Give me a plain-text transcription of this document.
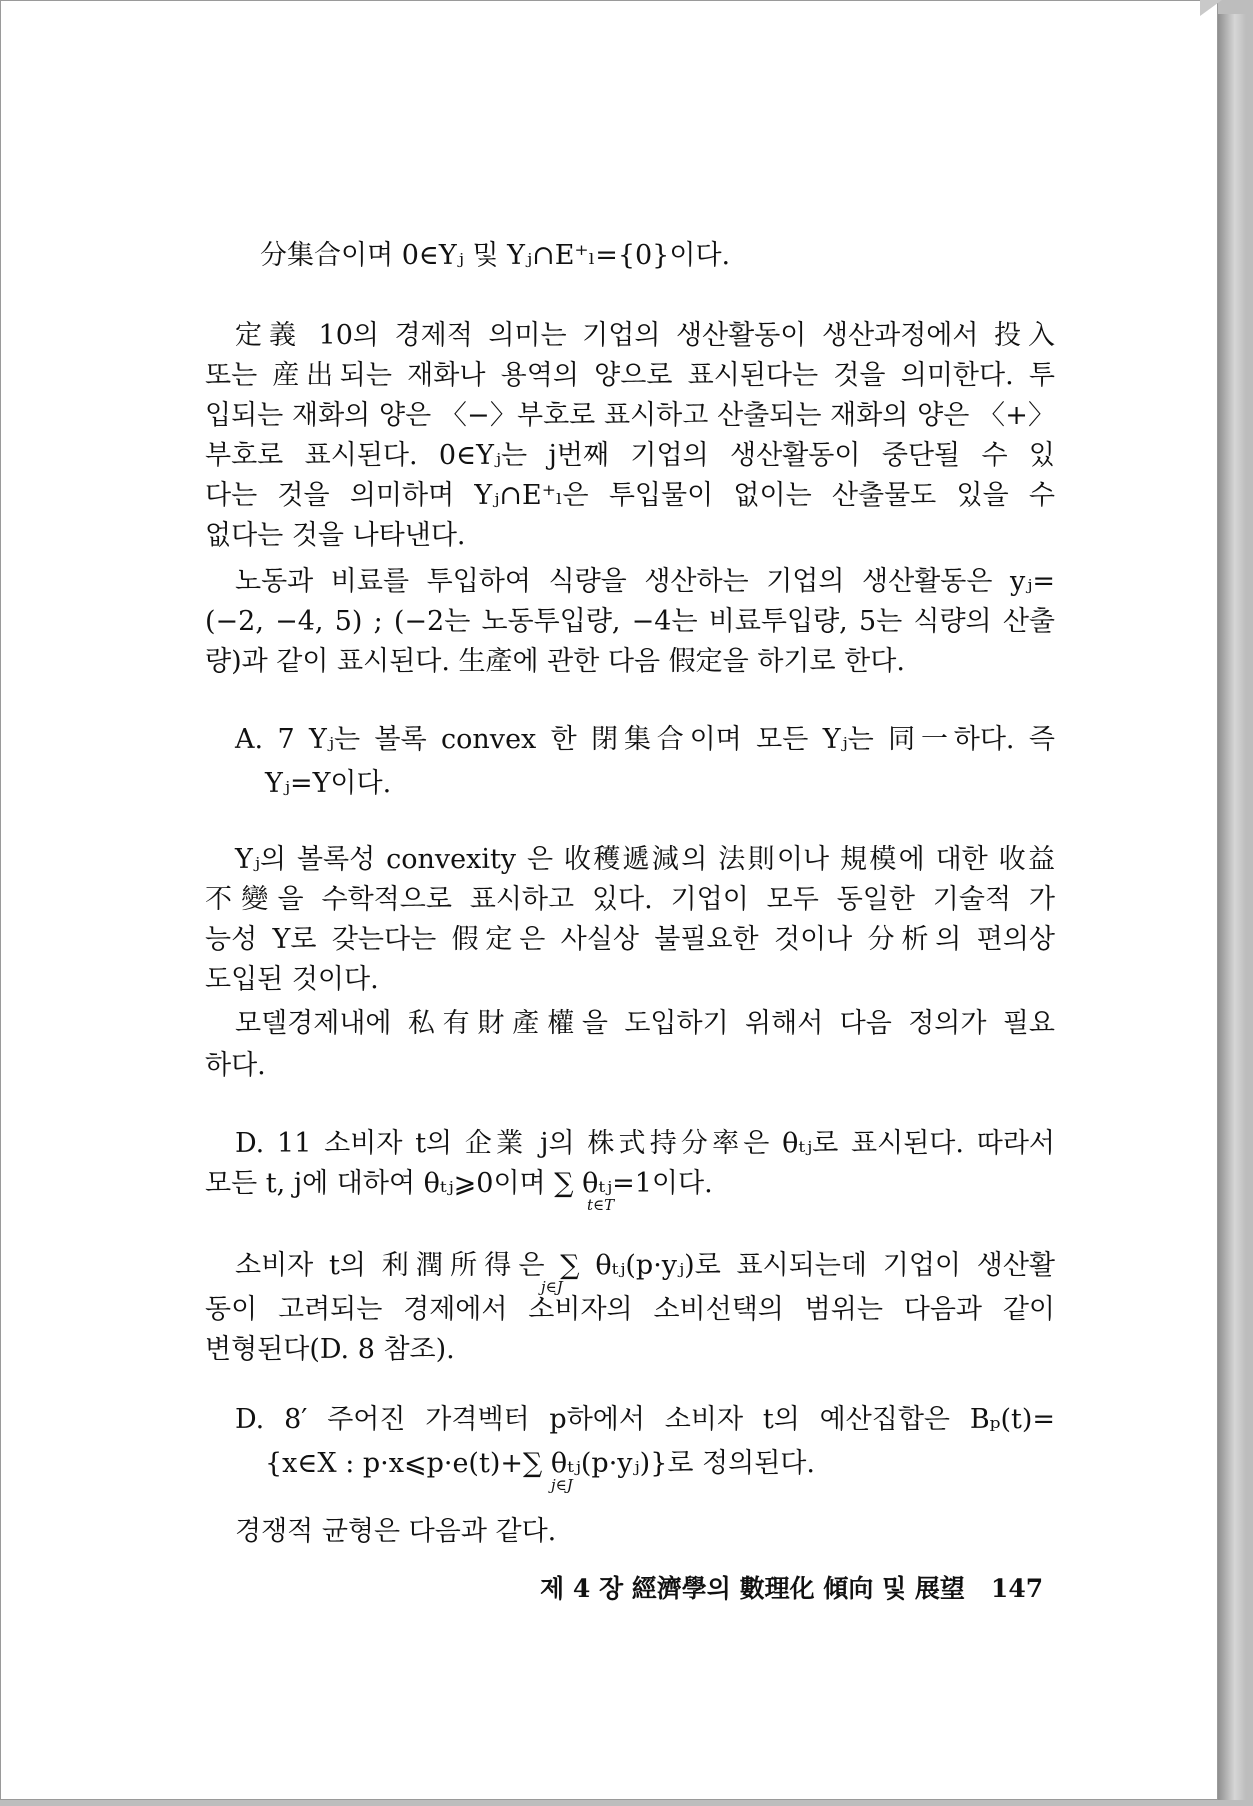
分集合이며 0∈Yⱼ 및 Yⱼ∩E⁺ₗ={0}이다.
定義 10의 경제적 의미는 기업의 생산활동이 생산과정에서 投入
또는 産出되는 재화나 용역의 양으로 표시된다는 것을 의미한다. 투
입되는 재화의 양은 〈−〉부호로 표시하고 산출되는 재화의 양은 〈+〉
부호로 표시된다. 0∈Yⱼ는 j번째 기업의 생산활동이 중단될 수 있
다는 것을 의미하며 Yⱼ∩E⁺ₗ은 투입물이 없이는 산출물도 있을 수
없다는 것을 나타낸다.
노동과 비료를 투입하여 식량을 생산하는 기업의 생산활동은 yⱼ=
(−2, −4, 5) ; (−2는 노동투입량, −4는 비료투입량, 5는 식량의 산출
량)과 같이 표시된다. 生產에 관한 다음 假定을 하기로 한다.
A. 7 Yⱼ는 볼록 convex 한 閉集合이며 모든 Yⱼ는 同一하다. 즉
Yⱼ=Y이다.
Yⱼ의 볼록성 convexity 은 收穫遞減의 法則이나 規模에 대한 收益
不變을 수학적으로 표시하고 있다. 기업이 모두 동일한 기술적 가
능성 Y로 갖는다는 假定은 사실상 불필요한 것이나 分析의 편의상
도입된 것이다.
모델경제내에 私有財產權을 도입하기 위해서 다음 정의가 필요
하다.
D. 11 소비자 t의 企業 j의 株式持分率은 θₜⱼ로 표시된다. 따라서
모든 t, j에 대하여 θₜⱼ⩾0이며 ∑ θₜⱼ=1이다.
t∈T
소비자 t의 利潤所得은 ∑ θₜⱼ(p·yⱼ)로 표시되는데 기업이 생산활
j∈J
동이 고려되는 경제에서 소비자의 소비선택의 범위는 다음과 같이
변형된다(D. 8 참조).
D. 8′ 주어진 가격벡터 p하에서 소비자 t의 예산집합은 Bₚ(t)=
{x∈X : p·x⩽p·e(t)+∑ θₜⱼ(p·yⱼ)}로 정의된다.
j∈J
경쟁적 균형은 다음과 같다.
제 4 장 經濟學의 數理化 傾向 및 展望 147
